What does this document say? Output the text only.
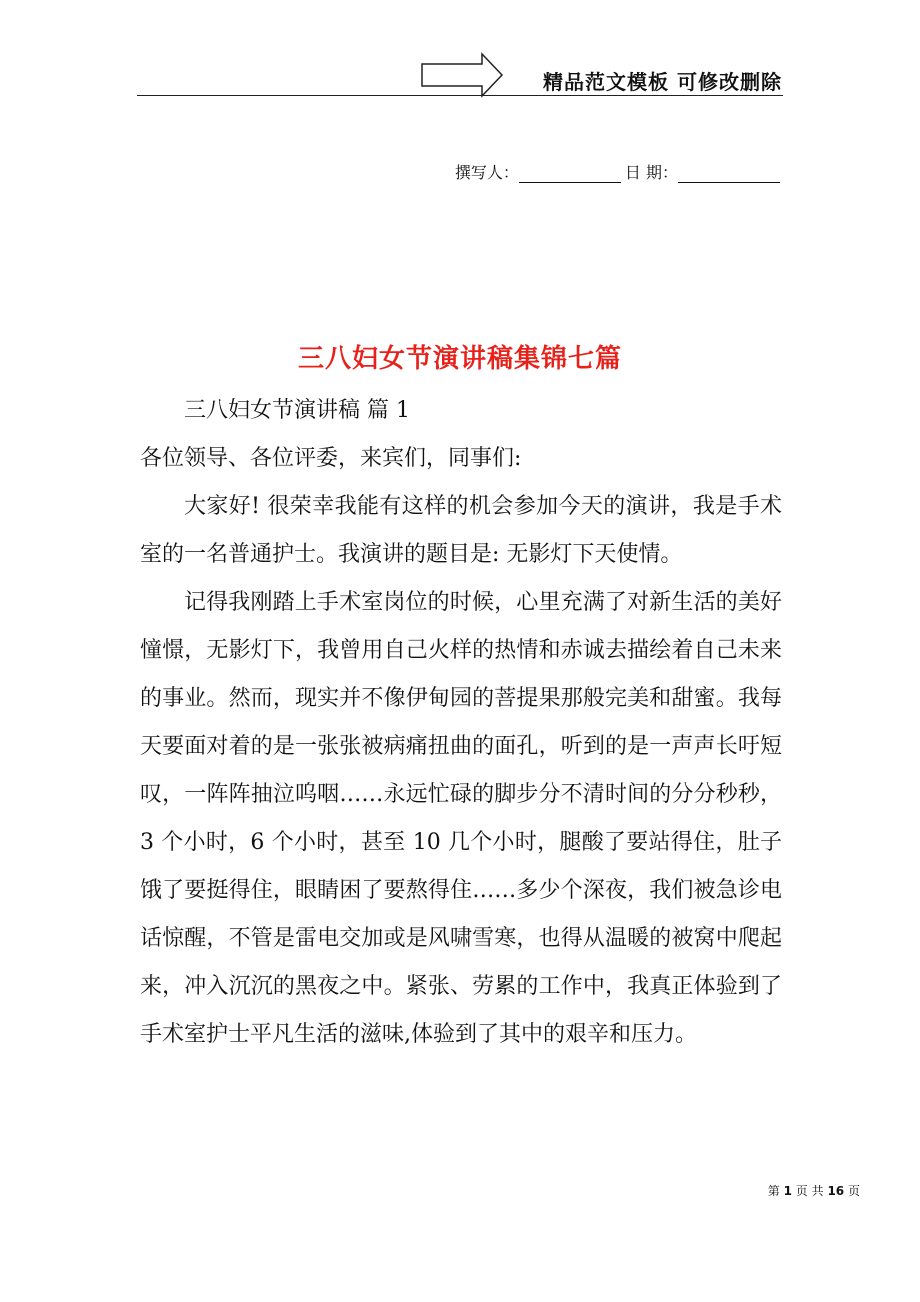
精品范文模板 可修改删除
撰写人：	日 期：
三八妇女节演讲稿集锦七篇

三八妇女节演讲稿 篇 1

各位领导、各位评委，来宾们，同事们:

大家好! 很荣幸我能有这样的机会参加今天的演讲，我是手术室的一名普通护士。我演讲的题目是: 无影灯下天使情。

记得我刚踏上手术室岗位的时候，心里充满了对新生活的美好憧憬，无影灯下，我曾用自己火样的热情和赤诚去描绘着自己未来的事业。然而，现实并不像伊甸园的菩提果那般完美和甜蜜。我每天要面对着的是一张张被病痛扭曲的面孔，听到的是一声声长吁短叹，一阵阵抽泣呜咽……永远忙碌的脚步分不清时间的分分秒秒，3 个小时，6 个小时，甚至 10 几个小时，腿酸了要站得住，肚子饿了要挺得住，眼睛困了要熬得住……多少个深夜，我们被急诊电话惊醒，不管是雷电交加或是风啸雪寒，也得从温暖的被窝中爬起来，冲入沉沉的黑夜之中。紧张、劳累的工作中，我真正体验到了手术室护士平凡生活的滋味,体验到了其中的艰辛和压力。

第 1 页 共 16 页
